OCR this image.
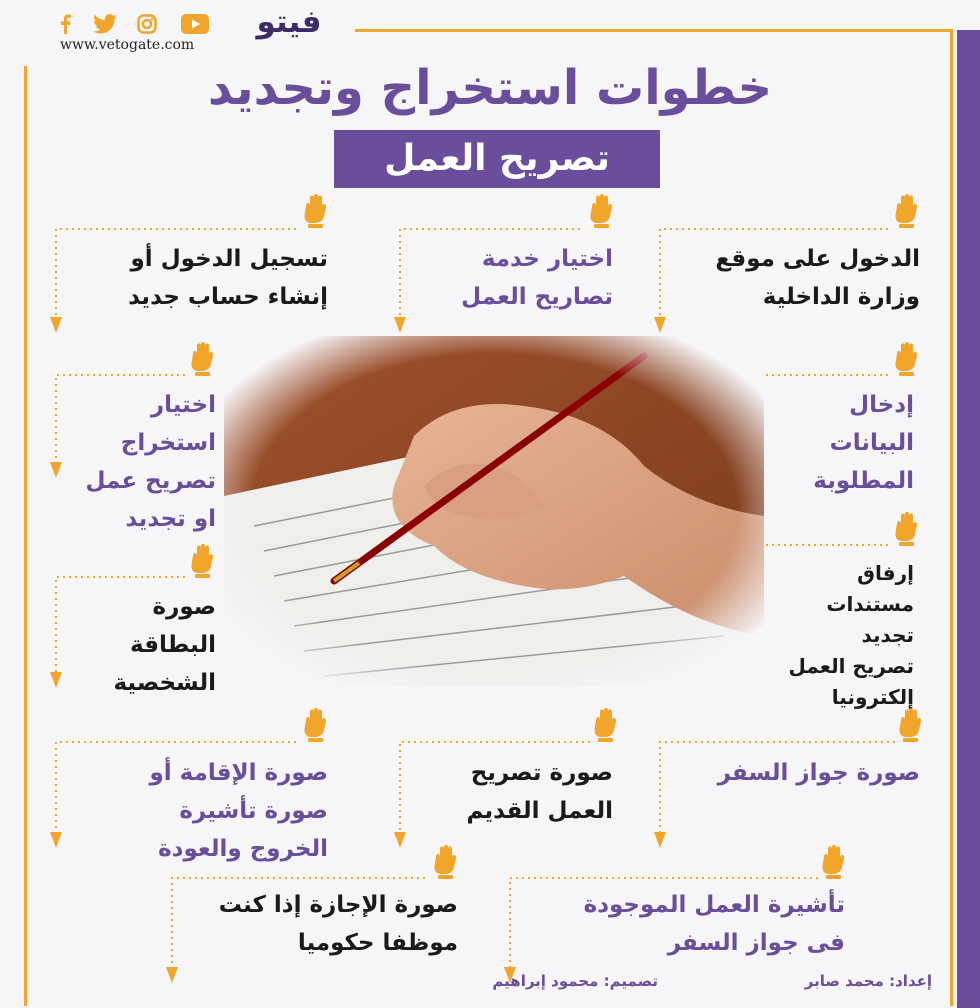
فيتو
www.vetogate.com
خطوات استخراج وتجديد
تصريح العمل
الدخول على موقع
وزارة الداخلية
اختيار خدمة
تصاريح العمل
تسجيل الدخول أو
إنشاء حساب جديد
إدخال
البيانات
المطلوبة
اختيار
استخراج
تصريح عمل
او تجديد
إرفاق
مستندات
تجديد
تصريح العمل
إلكترونيا
صورة
البطاقة
الشخصية
صورة جواز السفر
صورة تصريح
العمل القديم
صورة الإقامة أو
صورة تأشيرة
الخروج والعودة
تأشيرة العمل الموجودة
فى جواز السفر
صورة الإجازة إذا كنت
موظفا حكوميا
إعداد: محمد صابر
تصميم: محمود إبراهيم
